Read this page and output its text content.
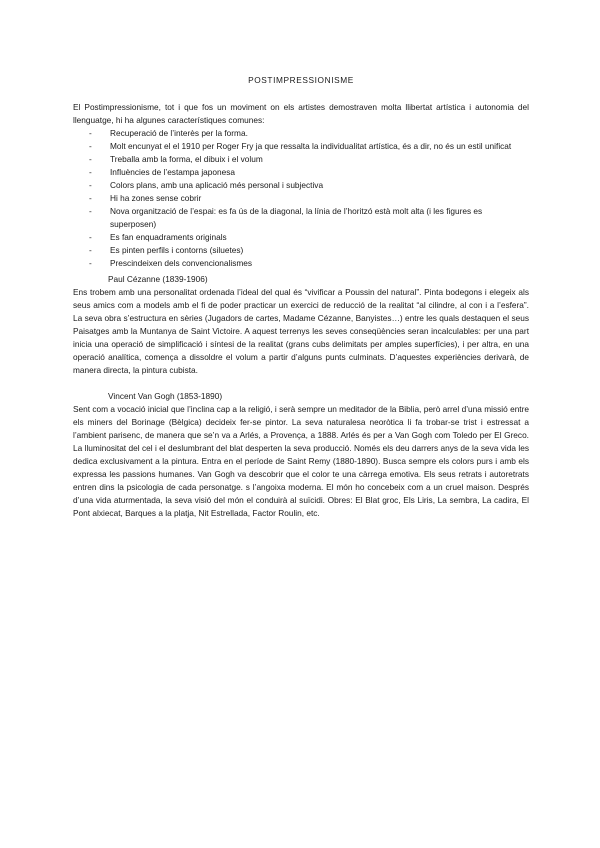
POSTIMPRESSIONISME

El Postimpressionisme, tot i que fos un moviment on els artistes demostraven molta llibertat artística i autonomia del llenguatge, hi ha algunes característiques comunes:

- Recuperació de l’interès per la forma.
- Molt encunyat el el 1910 per Roger Fry ja que ressalta la individualitat artística, és a dir, no és un estil unificat
- Treballa amb la forma, el dibuix i el volum
- Influències de l’estampa japonesa
- Colors plans, amb una aplicació més personal i subjectiva
- Hi ha zones sense cobrir
- Nova organització de l’espai: es fa ús de la diagonal, la línia de l’horitzó està molt alta (i les figures es superposen)
- Es fan enquadraments originals
- Es pinten perfils i contorns (siluetes)
- Prescindeixen dels convencionalismes
Paul Cézanne (1839-1906)

Ens trobem amb una personalitat ordenada l’ideal del qual és “vivificar a Poussin del natural”. Pinta bodegons i elegeix als seus amics com a models amb el fi de poder practicar un exercici de reducció de la realitat “al cilindre, al con i a l’esfera”. La seva obra s’estructura en sèries (Jugadors de cartes, Madame Cézanne, Banyistes…) entre les quals destaquen el seus Paisatges amb la Muntanya de Saint Victoire. A aquest terrenys les seves conseqüències seran incalculables: per una part inicia una operació de simplificació i síntesi de la realitat (grans cubs delimitats per amples superfícies), i per altra, en una operació analítica, comença a dissoldre el volum a partir d’alguns punts culminats. D’aquestes experiències derivarà, de manera directa, la pintura cubista.

Vincent Van Gogh (1853-1890)

Sent com a vocació inicial que l’inclina cap a la religió, i serà sempre un meditador de la Biblia, però arrel d’una missió entre els miners del Borinage (Bèlgica) decideix fer-se pintor. La seva naturalesa neoròtica li fa trobar-se trist i estressat a l’ambient parisenc, de manera que se’n va a Arlés, a Provença, a 1888. Arlés és per a Van Gogh com Toledo per El Greco. La lluminositat del cel i el deslumbrant del blat desperten la seva producció. Només els deu darrers anys de la seva vida les dedica exclusivament a la pintura. Entra en el període de Saint Remy (1880-1890). Busca sempre els colors purs i amb els expressa les passions humanes. Van Gogh va descobrir que el color te una càrrega emotiva. Els seus retrats i autoretrats entren dins la psicologia de cada personatge. s l’angoixa moderna. El món ho concebeix com a un cruel maison. Després d’una vida aturmentada, la seva visió del món el conduirà al suïcidi. Obres: El Blat groc, Els Liris, La sembra, La cadira, El Pont alxiecat, Barques a la platja, Nit Estrellada, Factor Roulin, etc.
